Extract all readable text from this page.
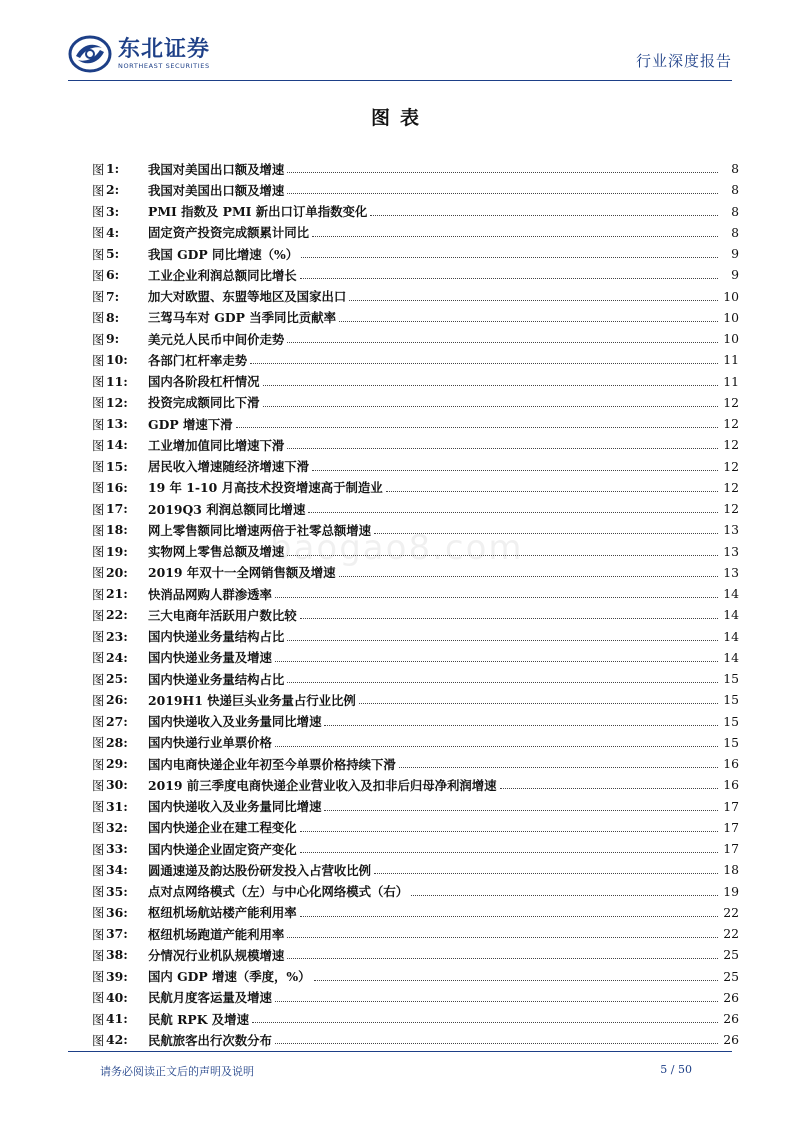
东北证券
NORTHEAST SECURITIES	行业深度报告
图表
baogao8.com
图 1:	我国对美国出口额及增速	8
图 2:	我国对美国出口额及增速	8
图 3:	PMI 指数及 PMI 新出口订单指数变化	8
图 4:	固定资产投资完成额累计同比	8
图 5:	我国 GDP 同比增速（%）	9
图 6:	工业企业利润总额同比增长	9
图 7:	加大对欧盟、东盟等地区及国家出口	10
图 8:	三驾马车对 GDP 当季同比贡献率	10
图 9:	美元兑人民币中间价走势	10
图 10:	各部门杠杆率走势	11
图 11:	国内各阶段杠杆情况	11
图 12:	投资完成额同比下滑	12
图 13:	GDP 增速下滑	12
图 14:	工业增加值同比增速下滑	12
图 15:	居民收入增速随经济增速下滑	12
图 16:	19 年 1-10 月高技术投资增速高于制造业	12
图 17:	2019Q3 利润总额同比增速	12
图 18:	网上零售额同比增速两倍于社零总额增速	13
图 19:	实物网上零售总额及增速	13
图 20:	2019 年双十一全网销售额及增速	13
图 21:	快消品网购人群渗透率	14
图 22:	三大电商年活跃用户数比较	14
图 23:	国内快递业务量结构占比	14
图 24:	国内快递业务量及增速	14
图 25:	国内快递业务量结构占比	15
图 26:	2019H1 快递巨头业务量占行业比例	15
图 27:	国内快递收入及业务量同比增速	15
图 28:	国内快递行业单票价格	15
图 29:	国内电商快递企业年初至今单票价格持续下滑	16
图 30:	2019 前三季度电商快递企业营业收入及扣非后归母净利润增速	16
图 31:	国内快递收入及业务量同比增速	17
图 32:	国内快递企业在建工程变化	17
图 33:	国内快递企业固定资产变化	17
图 34:	圆通速递及韵达股份研发投入占营收比例	18
图 35:	点对点网络模式（左）与中心化网络模式（右）	19
图 36:	枢纽机场航站楼产能利用率	22
图 37:	枢纽机场跑道产能利用率	22
图 38:	分情况行业机队规模增速	25
图 39:	国内 GDP 增速（季度，%）	25
图 40:	民航月度客运量及增速	26
图 41:	民航 RPK 及增速	26
图 42:	民航旅客出行次数分布	26
请务必阅读正文后的声明及说明	5 / 50
